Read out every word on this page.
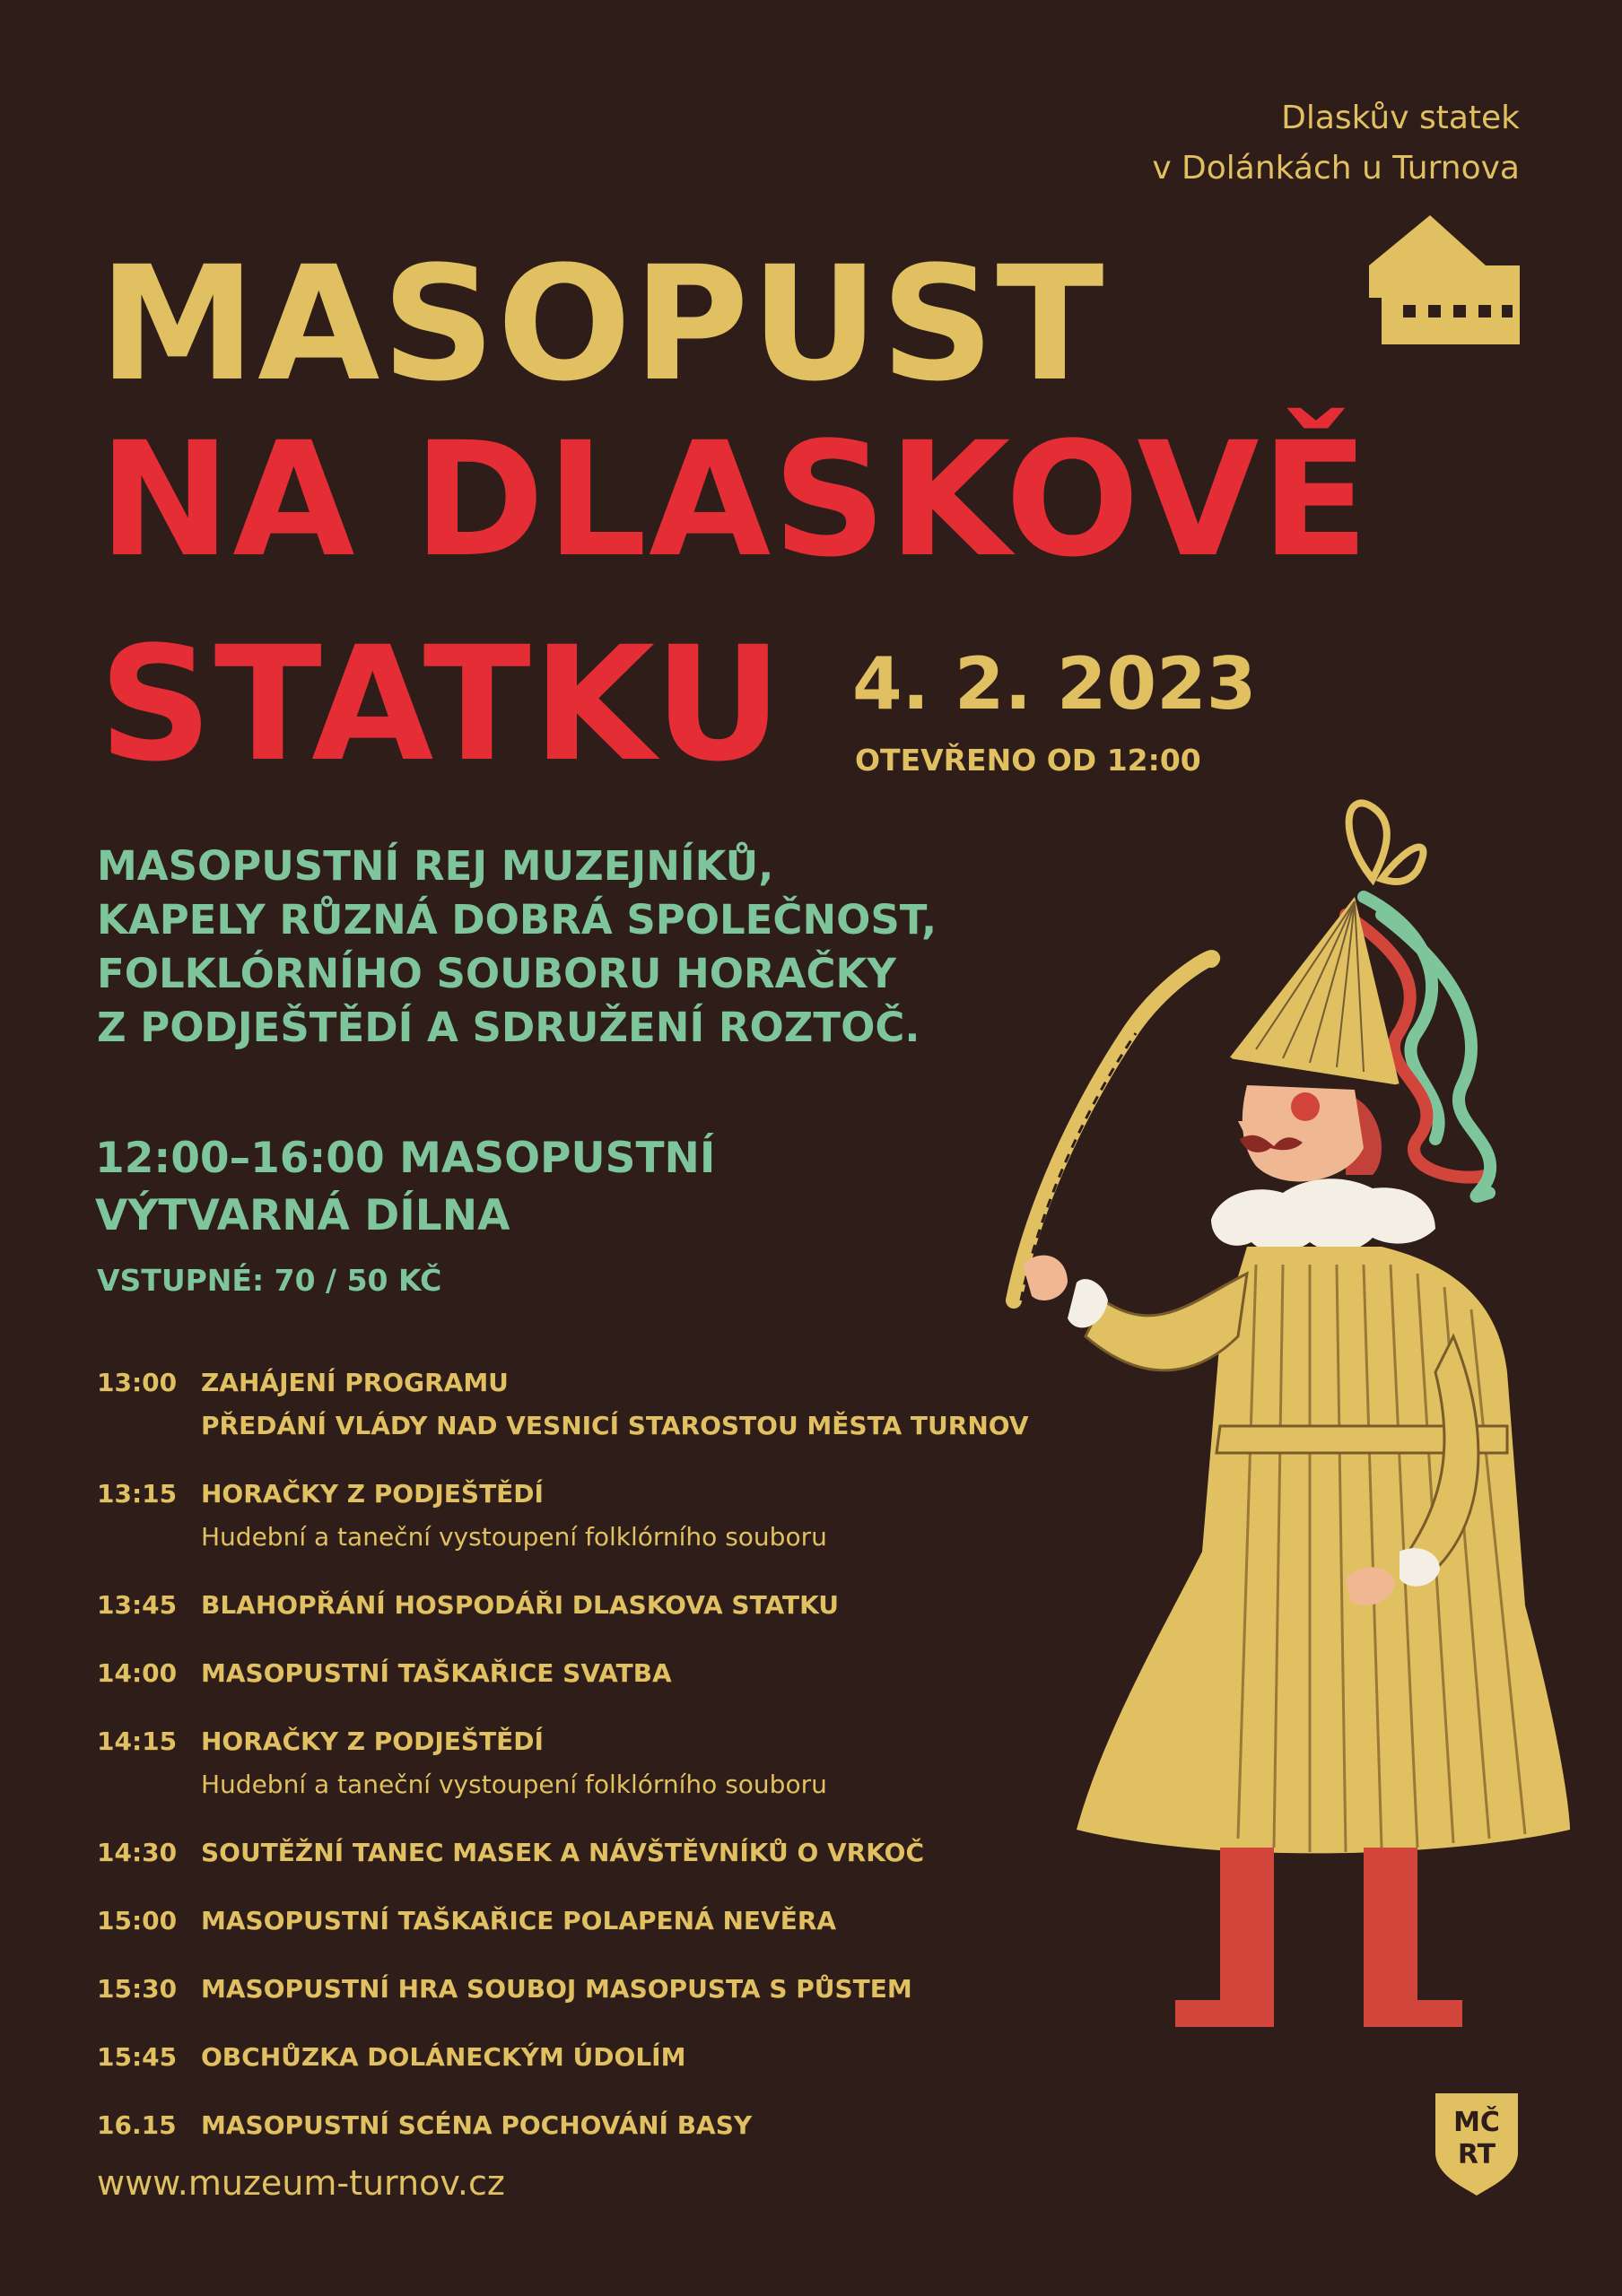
Dlaskův statek
v Dolánkách u Turnova
MASOPUST
NA DLASKOVĚ
STATKU 4. 2. 2023
OTEVŘENO OD 12:00
MASOPUSTNÍ REJ MUZEJNÍKŮ,
KAPELY RŮZNÁ DOBRÁ SPOLEČNOST,
FOLKLÓRNÍHO SOUBORU HORAČKY
Z PODJEŠTĚDÍ A SDRUŽENÍ ROZTOČ.
12:00–16:00 MASOPUSTNÍ
VÝTVARNÁ DÍLNA
VSTUPNÉ: 70 / 50 KČ
13:00 ZAHÁJENÍ PROGRAMU
PŘEDÁNÍ VLÁDY NAD VESNICÍ STAROSTOU MĚSTA TURNOV
13:15 HORAČKY Z PODJEŠTĚDÍ
Hudební a taneční vystoupení folklórního souboru
13:45 BLAHOPŘÁNÍ HOSPODÁŘI DLASKOVA STATKU
14:00 MASOPUSTNÍ TAŠKAŘICE SVATBA
14:15 HORAČKY Z PODJEŠTĚDÍ
Hudební a taneční vystoupení folklórního souboru
14:30 SOUTĚŽNÍ TANEC MASEK A NÁVŠTĚVNÍKŮ O VRKOČ
15:00 MASOPUSTNÍ TAŠKAŘICE POLAPENÁ NEVĚRA
15:30 MASOPUSTNÍ HRA SOUBOJ MASOPUSTA S PŮSTEM
15:45 OBCHŮZKA DOLÁNECKÝM ÚDOLÍM
16.15 MASOPUSTNÍ SCÉNA POCHOVÁNÍ BASY
www.muzeum-turnov.cz
MČ
RT
